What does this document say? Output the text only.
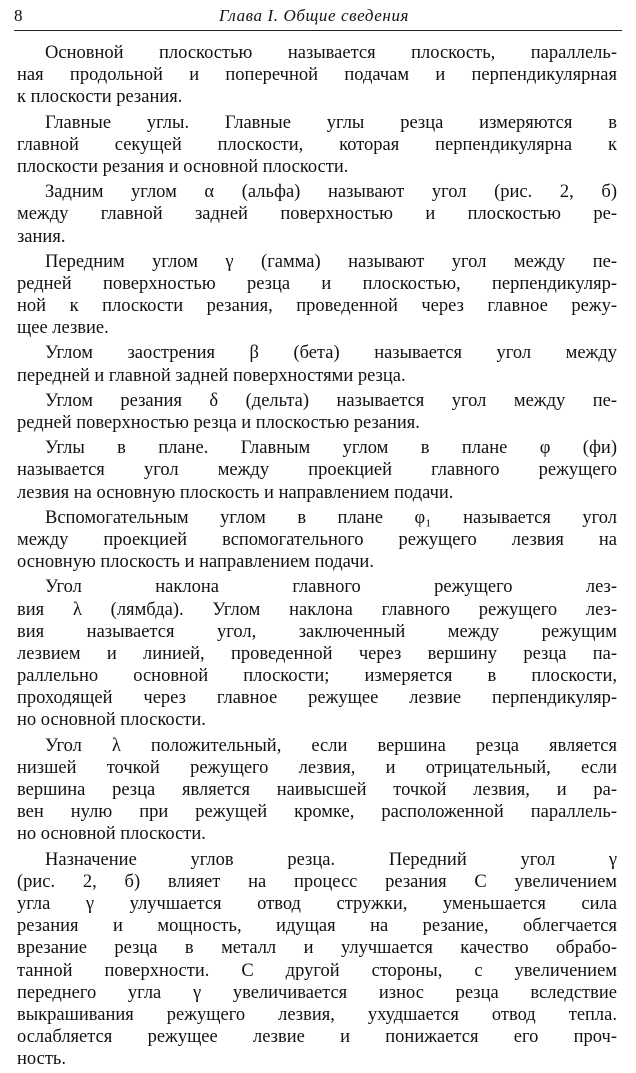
8	Глава I. Общие сведения
Основной плоскостью называется плоскость, параллель-
ная продольной и поперечной подачам и перпендикулярная
к плоскости резания.
Главные углы. Главные углы резца измеряются в
главной секущей плоскости, которая перпендикулярна к
плоскости резания и основной плоскости.
Задним углом α (альфа) называют угол (рис. 2, б)
между главной задней поверхностью и плоскостью ре-
зания.
Передним углом γ (гамма) называют угол между пе-
редней поверхностью резца и плоскостью, перпендикуляр-
ной к плоскости резания, проведенной через главное режу-
щее лезвие.
Углом заострения β (бета) называется угол между
передней и главной задней поверхностями резца.
Углом резания δ (дельта) называется угол между пе-
редней поверхностью резца и плоскостью резания.
Углы в плане. Главным углом в плане φ (фи)
называется угол между проекцией главного режущего
лезвия на основную плоскость и направлением подачи.
Вспомогательным углом в плане φ₁ называется угол
между проекцией вспомогательного режущего лезвия на
основную плоскость и направлением подачи.
Угол наклона главного режущего лез-
вия λ (лямбда). Углом наклона главного режущего лез-
вия называется угол, заключенный между режущим
лезвием и линией, проведенной через вершину резца па-
раллельно основной плоскости; измеряется в плоскости,
проходящей через главное режущее лезвие перпендикуляр-
но основной плоскости.
Угол λ положительный, если вершина резца является
низшей точкой режущего лезвия, и отрицательный, если
вершина резца является наивысшей точкой лезвия, и ра-
вен нулю при режущей кромке, расположенной параллель-
но основной плоскости.
Назначение углов резца. Передний угол γ
(рис. 2, б) влияет на процесс резания С увеличением
угла γ улучшается отвод стружки, уменьшается сила
резания и мощность, идущая на резание, облегчается
врезание резца в металл и улучшается качество обрабо-
танной поверхности. С другой стороны, с увеличением
переднего угла γ увеличивается износ резца вследствие
выкрашивания режущего лезвия, ухудшается отвод тепла.
ослабляется режущее лезвие и понижается его проч-
ность.
